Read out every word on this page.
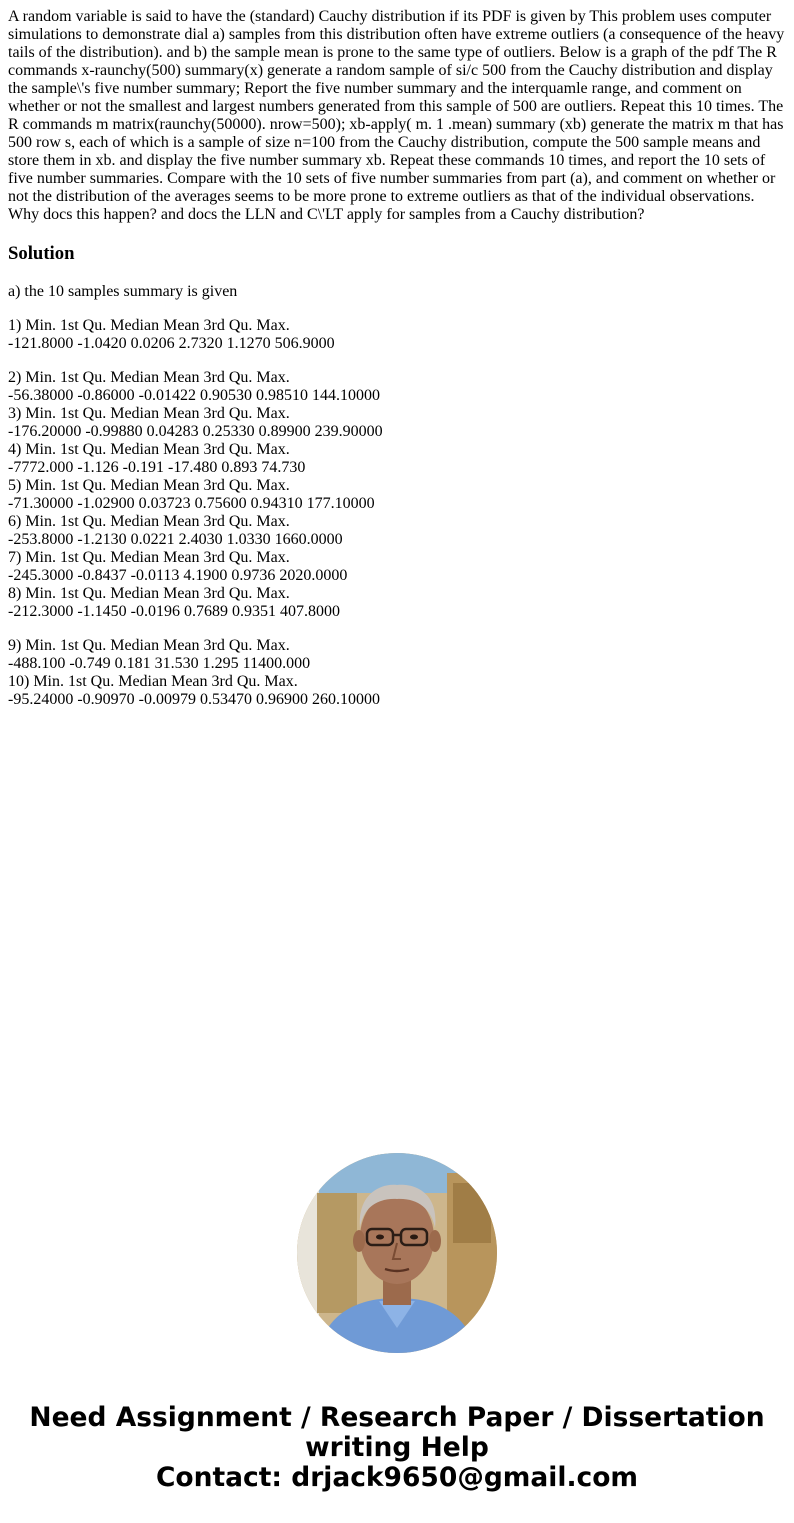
A random variable is said to have the (standard) Cauchy distribution if its PDF is given by This problem uses computer simulations to demonstrate dial a) samples from this distribution often have extreme outliers (a consequence of the heavy tails of the distribution). and b) the sample mean is prone to the same type of outliers. Below is a graph of the pdf The R commands x-raunchy(500) summary(x) generate a random sample of si/c 500 from the Cauchy distribution and display the sample\'s five number summary; Report the five number summary and the interquamle range, and comment on whether or not the smallest and largest numbers generated from this sample of 500 are outliers. Repeat this 10 times. The R commands m matrix(raunchy(50000). nrow=500); xb-apply( m. 1 .mean) summary (xb) generate the matrix m that has 500 row s, each of which is a sample of size n=100 from the Cauchy distribution, compute the 500 sample means and store them in xb. and display the five number summary xb. Repeat these commands 10 times, and report the 10 sets of five number summaries. Compare with the 10 sets of five number summaries from part (a), and comment on whether or not the distribution of the averages seems to be more prone to extreme outliers as that of the individual observations. Why docs this happen? and docs the LLN and C\'LT apply for samples from a Cauchy distribution?

Solution

a) the 10 samples summary is given

1) Min. 1st Qu. Median Mean 3rd Qu. Max.
-121.8000 -1.0420 0.0206 2.7320 1.1270 506.9000
2) Min. 1st Qu. Median Mean 3rd Qu. Max.
-56.38000 -0.86000 -0.01422 0.90530 0.98510 144.10000
3) Min. 1st Qu. Median Mean 3rd Qu. Max.
-176.20000 -0.99880 0.04283 0.25330 0.89900 239.90000
4) Min. 1st Qu. Median Mean 3rd Qu. Max.
-7772.000 -1.126 -0.191 -17.480 0.893 74.730
5) Min. 1st Qu. Median Mean 3rd Qu. Max.
-71.30000 -1.02900 0.03723 0.75600 0.94310 177.10000
6) Min. 1st Qu. Median Mean 3rd Qu. Max.
-253.8000 -1.2130 0.0221 2.4030 1.0330 1660.0000
7) Min. 1st Qu. Median Mean 3rd Qu. Max.
-245.3000 -0.8437 -0.0113 4.1900 0.9736 2020.0000
8) Min. 1st Qu. Median Mean 3rd Qu. Max.
-212.3000 -1.1450 -0.0196 0.7689 0.9351 407.8000
9) Min. 1st Qu. Median Mean 3rd Qu. Max.
-488.100 -0.749 0.181 31.530 1.295 11400.000
10) Min. 1st Qu. Median Mean 3rd Qu. Max.
-95.24000 -0.90970 -0.00979 0.53470 0.96900 260.10000
Need Assignment / Research Paper / Dissertation
writing Help
Contact: drjack9650@gmail.com
